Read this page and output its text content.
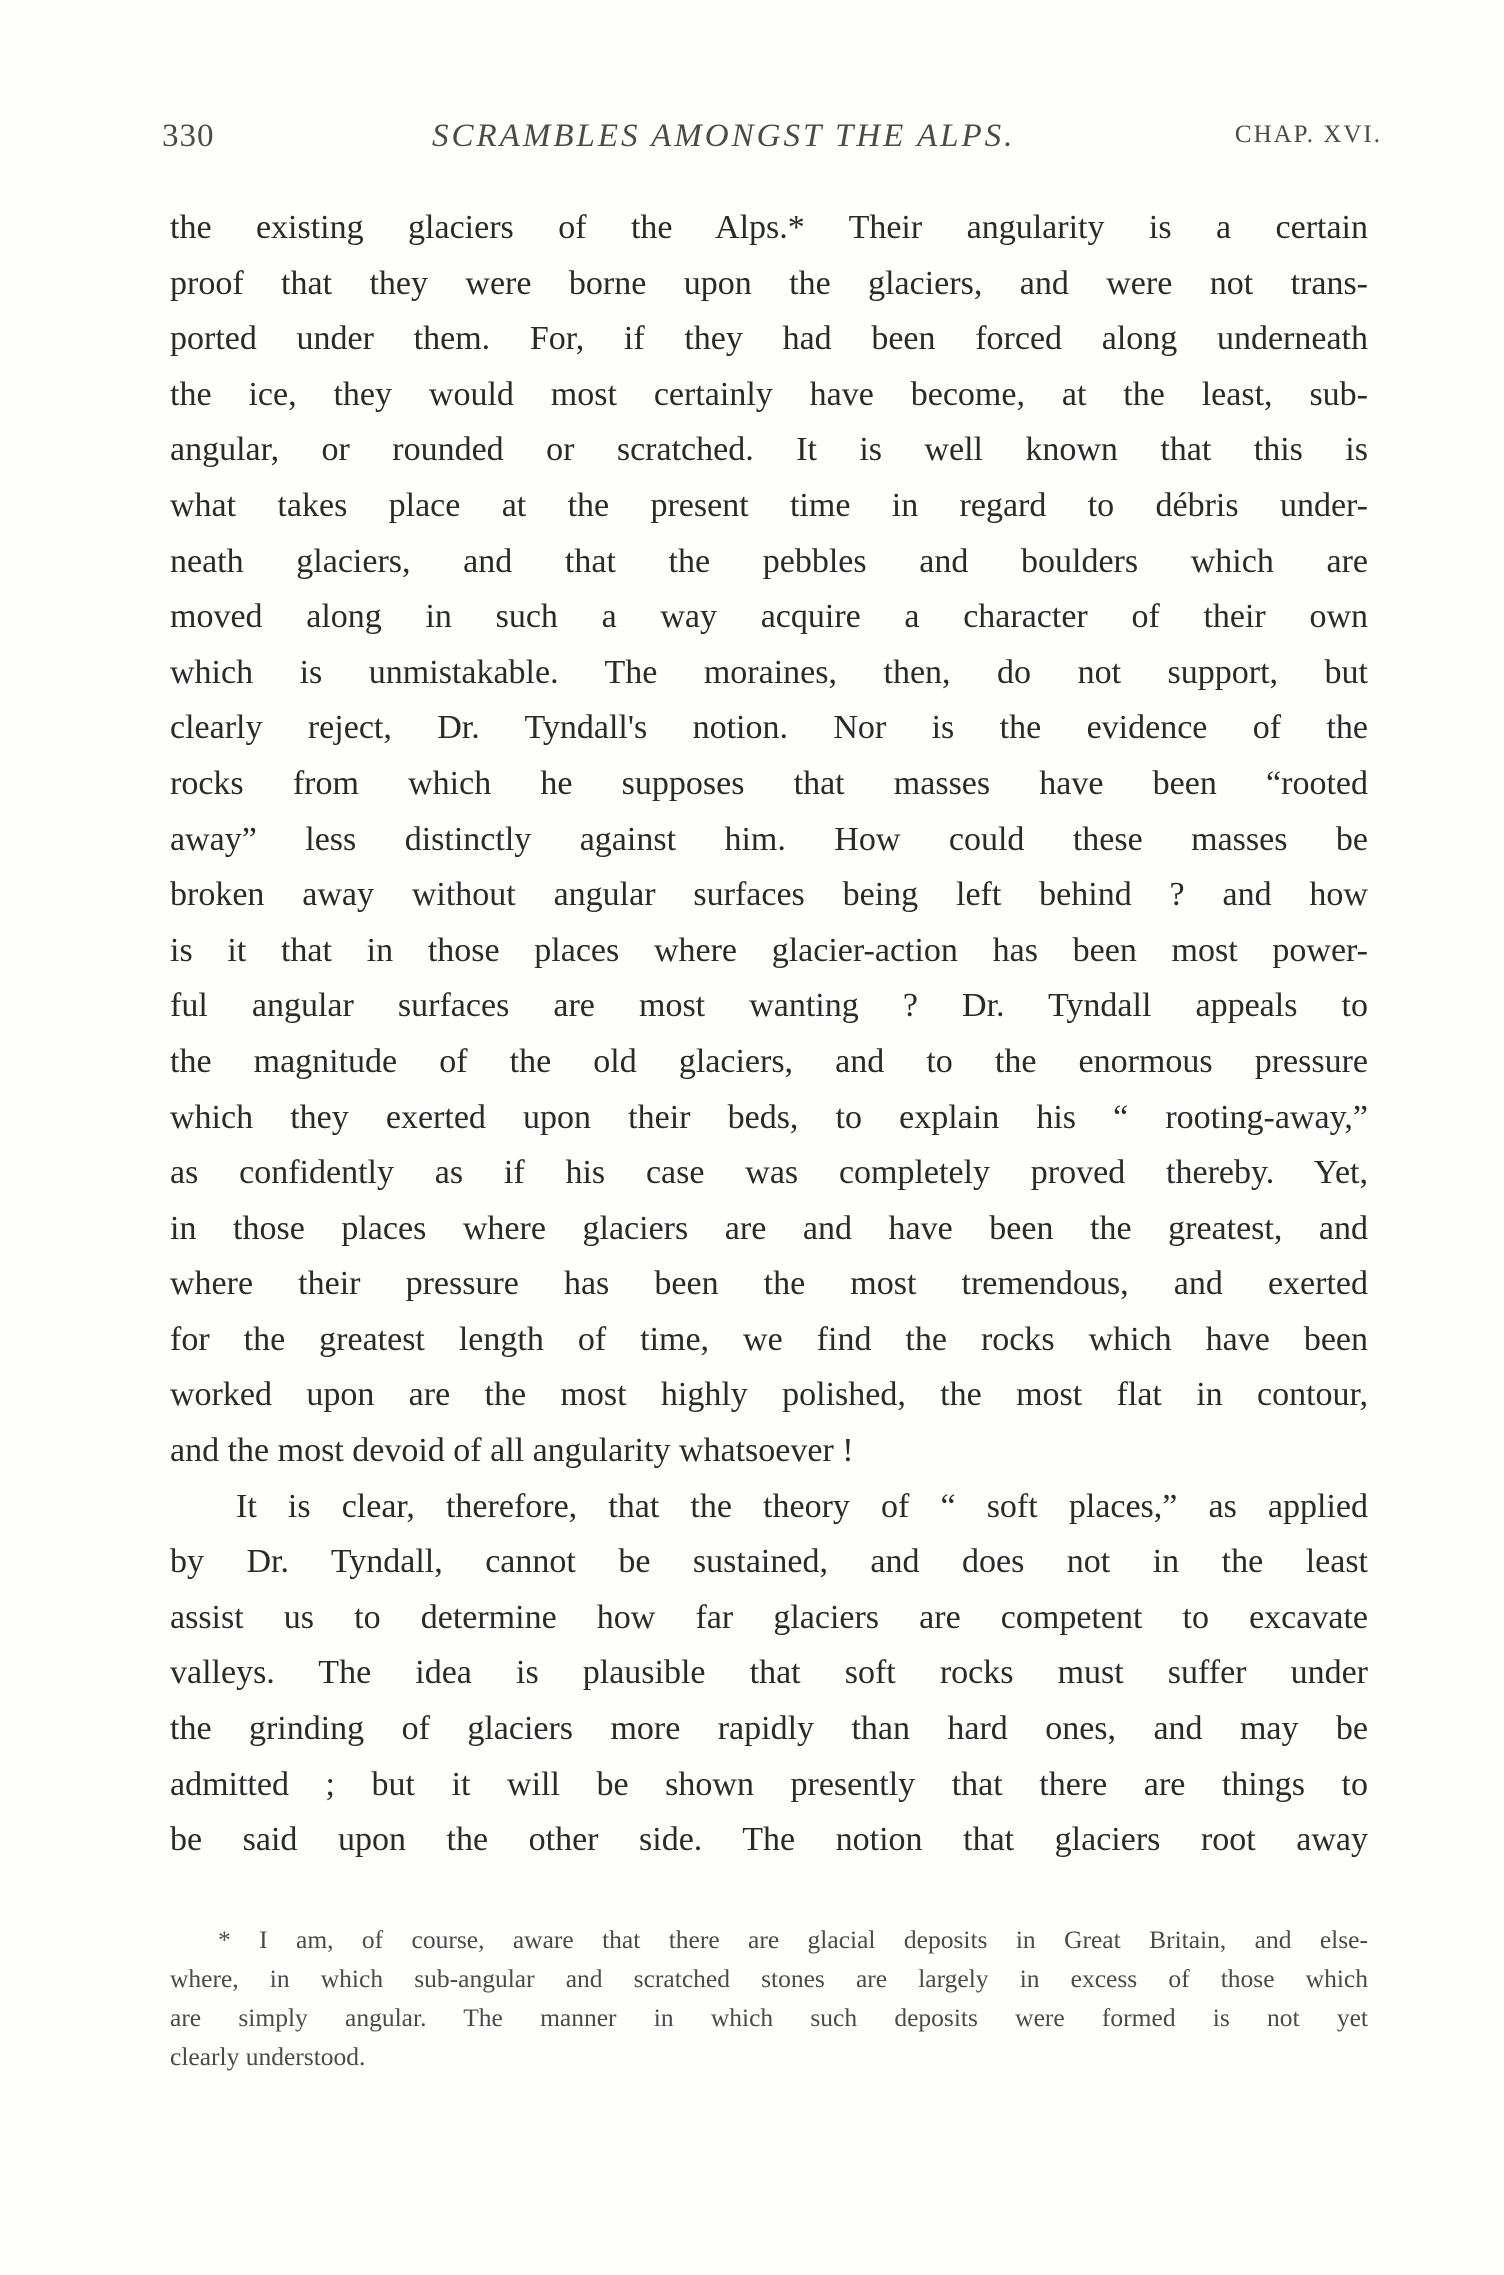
330	SCRAMBLES AMONGST THE ALPS.	CHAP. XVI.
the existing glaciers of the Alps.* Their angularity is a certain
proof that they were borne upon the glaciers, and were not trans-
ported under them. For, if they had been forced along underneath
the ice, they would most certainly have become, at the least, sub-
angular, or rounded or scratched. It is well known that this is
what takes place at the present time in regard to débris under-
neath glaciers, and that the pebbles and boulders which are
moved along in such a way acquire a character of their own
which is unmistakable. The moraines, then, do not support, but
clearly reject, Dr. Tyndall's notion. Nor is the evidence of the
rocks from which he supposes that masses have been “rooted
away” less distinctly against him. How could these masses be
broken away without angular surfaces being left behind ? and how
is it that in those places where glacier-action has been most power-
ful angular surfaces are most wanting ? Dr. Tyndall appeals to
the magnitude of the old glaciers, and to the enormous pressure
which they exerted upon their beds, to explain his “ rooting-away,”
as confidently as if his case was completely proved thereby. Yet,
in those places where glaciers are and have been the greatest, and
where their pressure has been the most tremendous, and exerted
for the greatest length of time, we find the rocks which have been
worked upon are the most highly polished, the most flat in contour,
and the most devoid of all angularity whatsoever !
It is clear, therefore, that the theory of “ soft places,” as applied
by Dr. Tyndall, cannot be sustained, and does not in the least
assist us to determine how far glaciers are competent to excavate
valleys. The idea is plausible that soft rocks must suffer under
the grinding of glaciers more rapidly than hard ones, and may be
admitted ; but it will be shown presently that there are things to
be said upon the other side. The notion that glaciers root away
* I am, of course, aware that there are glacial deposits in Great Britain, and else-
where, in which sub-angular and scratched stones are largely in excess of those which
are simply angular. The manner in which such deposits were formed is not yet
clearly understood.
